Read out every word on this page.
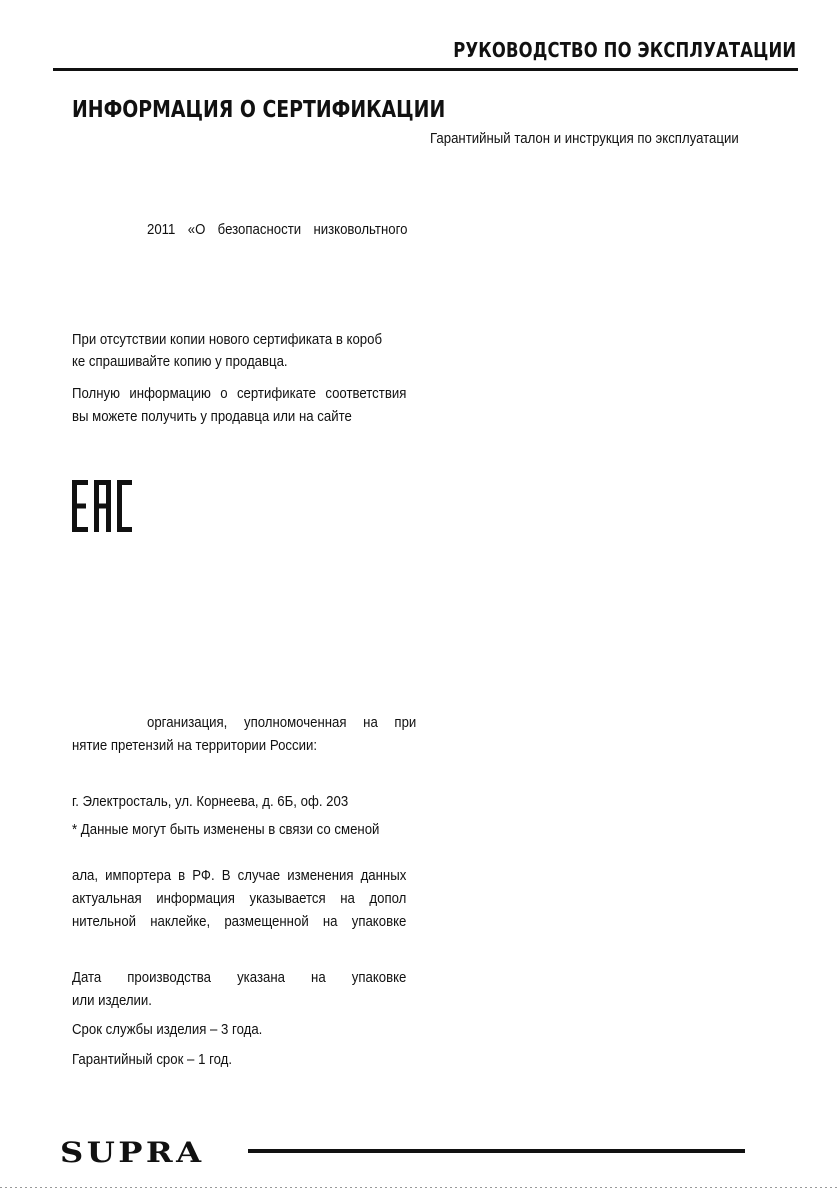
РУКОВОДСТВО ПО ЭКСПЛУАТАЦИИ
ИНФОРМАЦИЯ О СЕРТИФИКАЦИИ
Гарантийный талон и инструкция по эксплуатации
2011 «О безопасности низковольтного
При отсутствии копии нового сертификата в короб
ке спрашивайте копию у продавца.
Полную информацию о сертификате соответствия
вы можете получить у продавца или на сайте
организация, уполномоченная на при
нятие претензий на территории России:
г. Электросталь, ул. Корнеева, д. 6Б, оф. 203
* Данные могут быть изменены в связи со сменой
ала, импортера в РФ. В случае изменения данных
актуальная информация указывается на допол
нительной наклейке, размещенной на упаковке
Дата производства указана на упаковке
или изделии.
Срок службы изделия – 3 года.
Гарантийный срок – 1 год.
SUPRA
